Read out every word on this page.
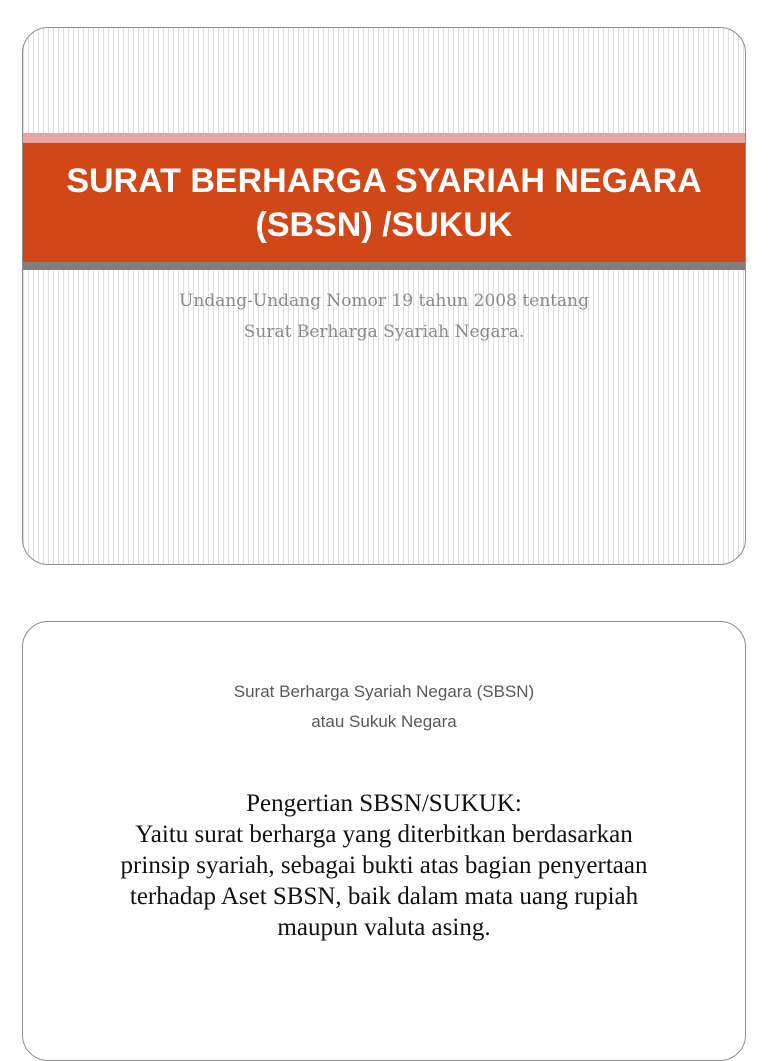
SURAT BERHARGA SYARIAH NEGARA (SBSN) /SUKUK
Undang-Undang Nomor 19 tahun 2008 tentang
Surat Berharga Syariah Negara.
Surat Berharga Syariah Negara (SBSN)
atau Sukuk Negara
Pengertian SBSN/SUKUK:
Yaitu surat berharga yang diterbitkan berdasarkan
prinsip syariah, sebagai bukti atas bagian penyertaan
terhadap Aset SBSN, baik dalam mata uang rupiah
maupun valuta asing.
